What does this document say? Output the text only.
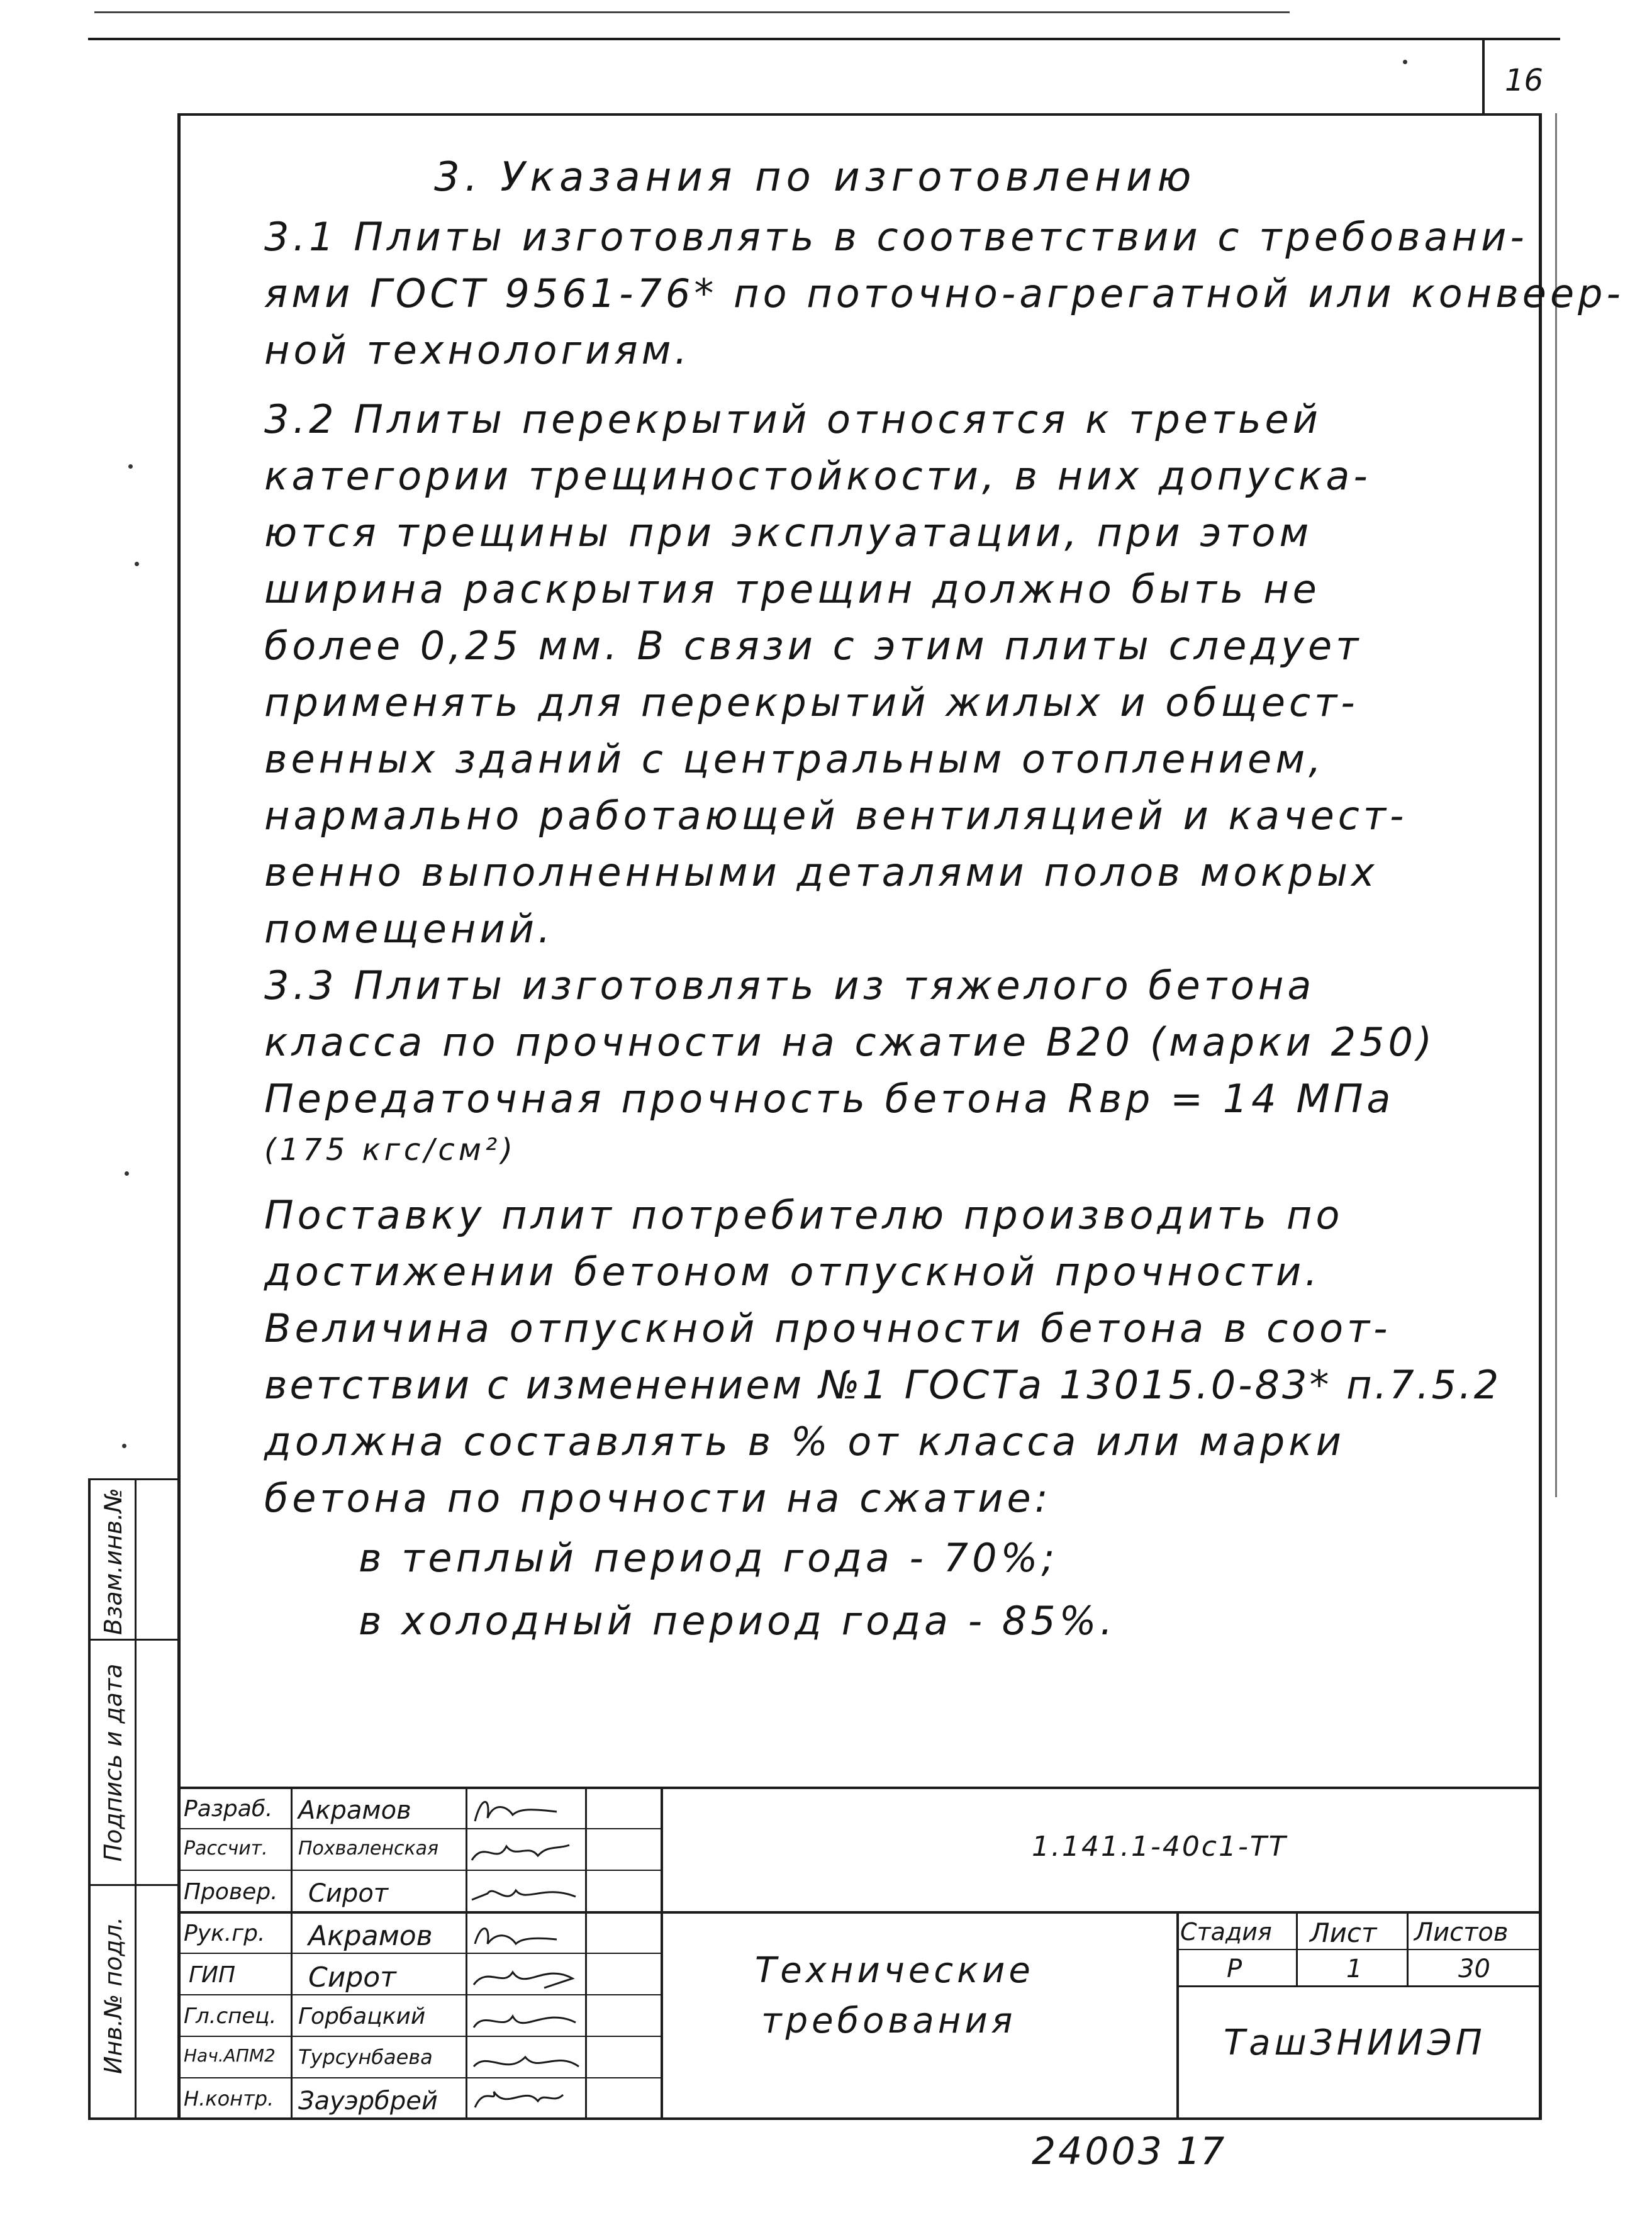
16
3. Указания по изготовлению
3.1 Плиты изготовлять в соответствии с требовани-
ями ГОСТ 9561-76* по поточно-агрегатной или конвеер-
ной технологиям.
3.2 Плиты перекрытий относятся к третьей
категории трещиностойкости, в них допуска-
ются трещины при эксплуатации, при этом
ширина раскрытия трещин должно быть не
более 0,25 мм. В связи с этим плиты следует
применять для перекрытий жилых и общест-
венных зданий с центральным отоплением,
нармально работающей вентиляцией и качест-
венно выполненными деталями полов мокрых
помещений.
3.3 Плиты изготовлять из тяжелого бетона
класса по прочности на сжатие В20 (марки 250)
Передаточная прочность бетона Rвр = 14 МПа
(175 кгс/см²)
Поставку плит потребителю производить по
достижении бетоном отпускной прочности.
Величина отпускной прочности бетона в соот-
ветствии с изменением №1 ГОСТа 13015.0-83* п.7.5.2
должна составлять в % от класса или марки
бетона по прочности на сжатие:
в теплый период года - 70%;
в холодный период года - 85%.
Инв.№ подл.
Подпись и дата
Взам.инв.№
Разраб. Акрамов
Рассчит. Похваленская
Провер. Сирот
Рук.гр. Акрамов
ГИП	Сирот
Гл.спец. Горбацкий
Нач.АПМ2 Турсунбаева
Н.контр. Зауэрбрей
1.141.1-40с1-ТТ
Технические
требования
Стадия Лист Листов
Р	1	30
ТашЗНИИЭП
24003 17
